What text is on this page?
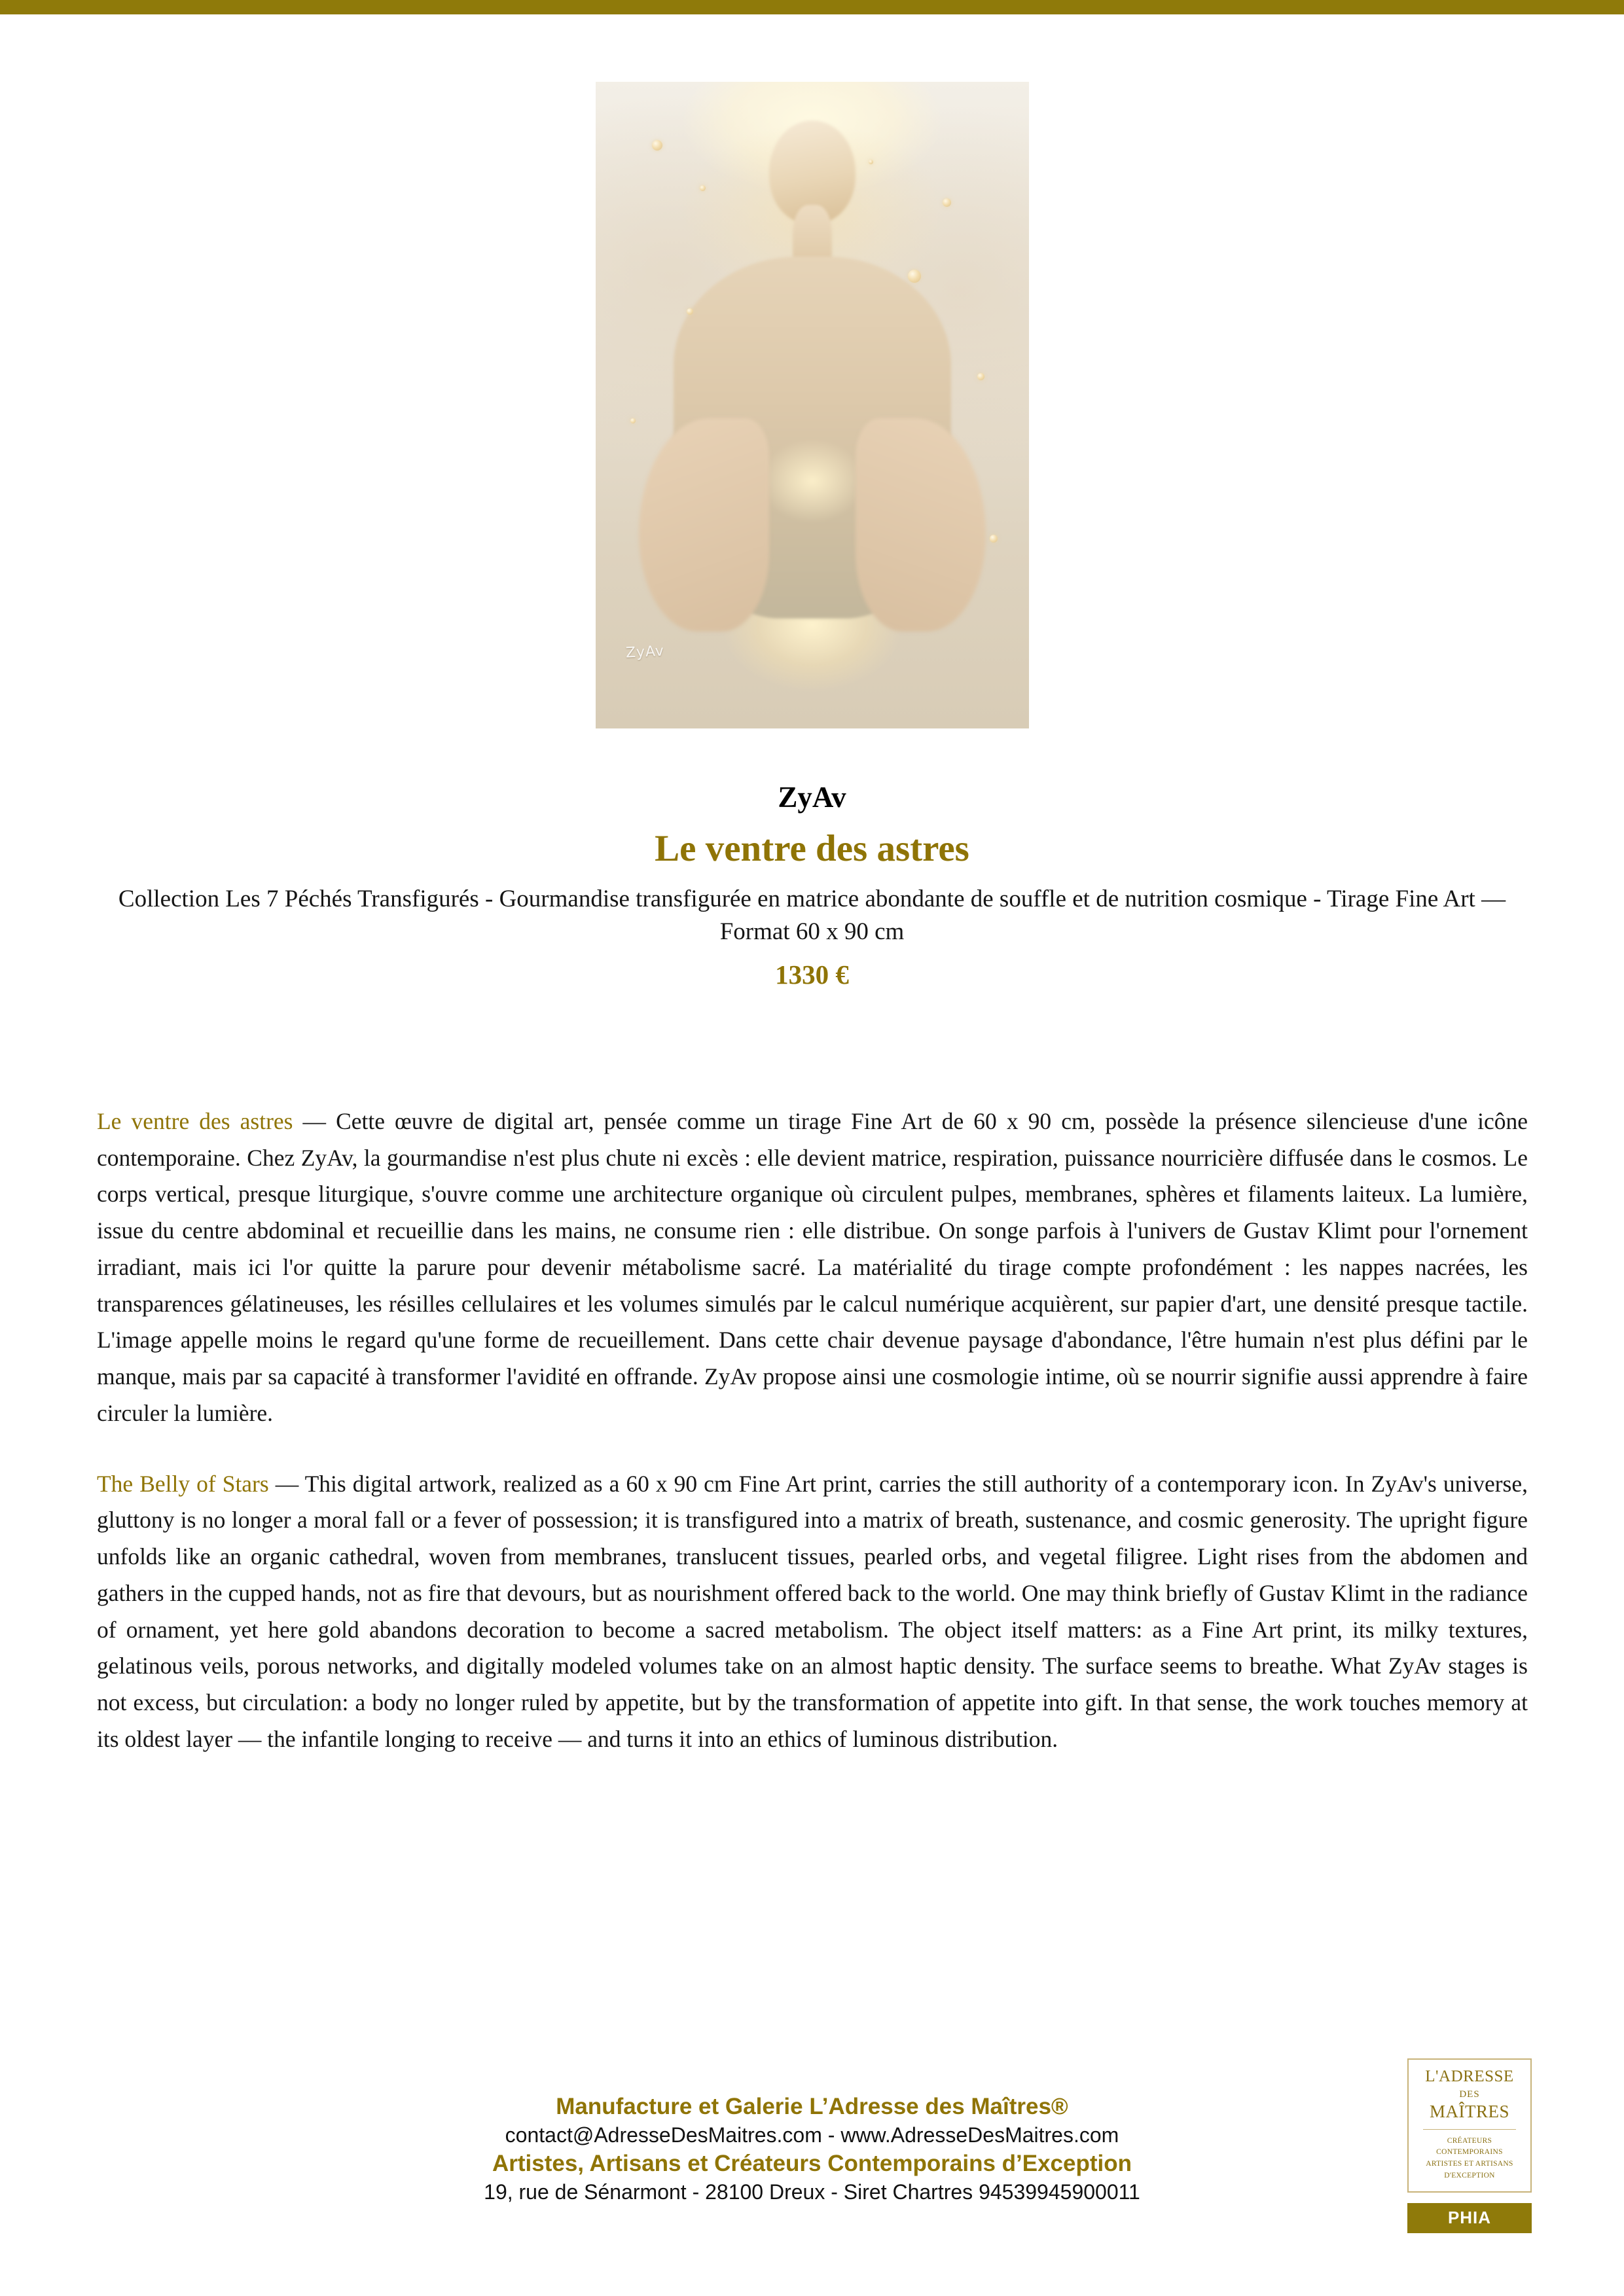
ZyAv
ZyAv
Le ventre des astres
Collection Les 7 Péchés Transfigurés - Gourmandise transfigurée en matrice abondante de souffle et de nutrition cosmique - Tirage Fine Art — Format 60 x 90 cm
1330 €

Le ventre des astres — Cette œuvre de digital art, pensée comme un tirage Fine Art de 60 x 90 cm, possède la présence silencieuse d'une icône contemporaine. Chez ZyAv, la gourmandise n'est plus chute ni excès : elle devient matrice, respiration, puissance nourricière diffusée dans le cosmos. Le corps vertical, presque liturgique, s'ouvre comme une architecture organique où circulent pulpes, membranes, sphères et filaments laiteux. La lumière, issue du centre abdominal et recueillie dans les mains, ne consume rien : elle distribue. On songe parfois à l'univers de Gustav Klimt pour l'ornement irradiant, mais ici l'or quitte la parure pour devenir métabolisme sacré. La matérialité du tirage compte profondément : les nappes nacrées, les transparences gélatineuses, les résilles cellulaires et les volumes simulés par le calcul numérique acquièrent, sur papier d'art, une densité presque tactile. L'image appelle moins le regard qu'une forme de recueillement. Dans cette chair devenue paysage d'abondance, l'être humain n'est plus défini par le manque, mais par sa capacité à transformer l'avidité en offrande. ZyAv propose ainsi une cosmologie intime, où se nourrir signifie aussi apprendre à faire circuler la lumière.

The Belly of Stars — This digital artwork, realized as a 60 x 90 cm Fine Art print, carries the still authority of a contemporary icon. In ZyAv's universe, gluttony is no longer a moral fall or a fever of possession; it is transfigured into a matrix of breath, sustenance, and cosmic generosity. The upright figure unfolds like an organic cathedral, woven from membranes, translucent tissues, pearled orbs, and vegetal filigree. Light rises from the abdomen and gathers in the cupped hands, not as fire that devours, but as nourishment offered back to the world. One may think briefly of Gustav Klimt in the radiance of ornament, yet here gold abandons decoration to become a sacred metabolism. The object itself matters: as a Fine Art print, its milky textures, gelatinous veils, porous networks, and digitally modeled volumes take on an almost haptic density. The surface seems to breathe. What ZyAv stages is not excess, but circulation: a body no longer ruled by appetite, but by the transformation of appetite into gift. In that sense, the work touches memory at its oldest layer — the infantile longing to receive — and turns it into an ethics of luminous distribution.

Manufacture et Galerie L’Adresse des Maîtres®
contact@AdresseDesMaitres.com - www.AdresseDesMaitres.com
Artistes, Artisans et Créateurs Contemporains d’Exception
19, rue de Sénarmont - 28100 Dreux - Siret Chartres 94539945900011
L'ADRESSE
DES
MAÎTRES
CRÉATEURS CONTEMPORAINS
ARTISTES ET ARTISANS
D'EXCEPTION
PHIA
